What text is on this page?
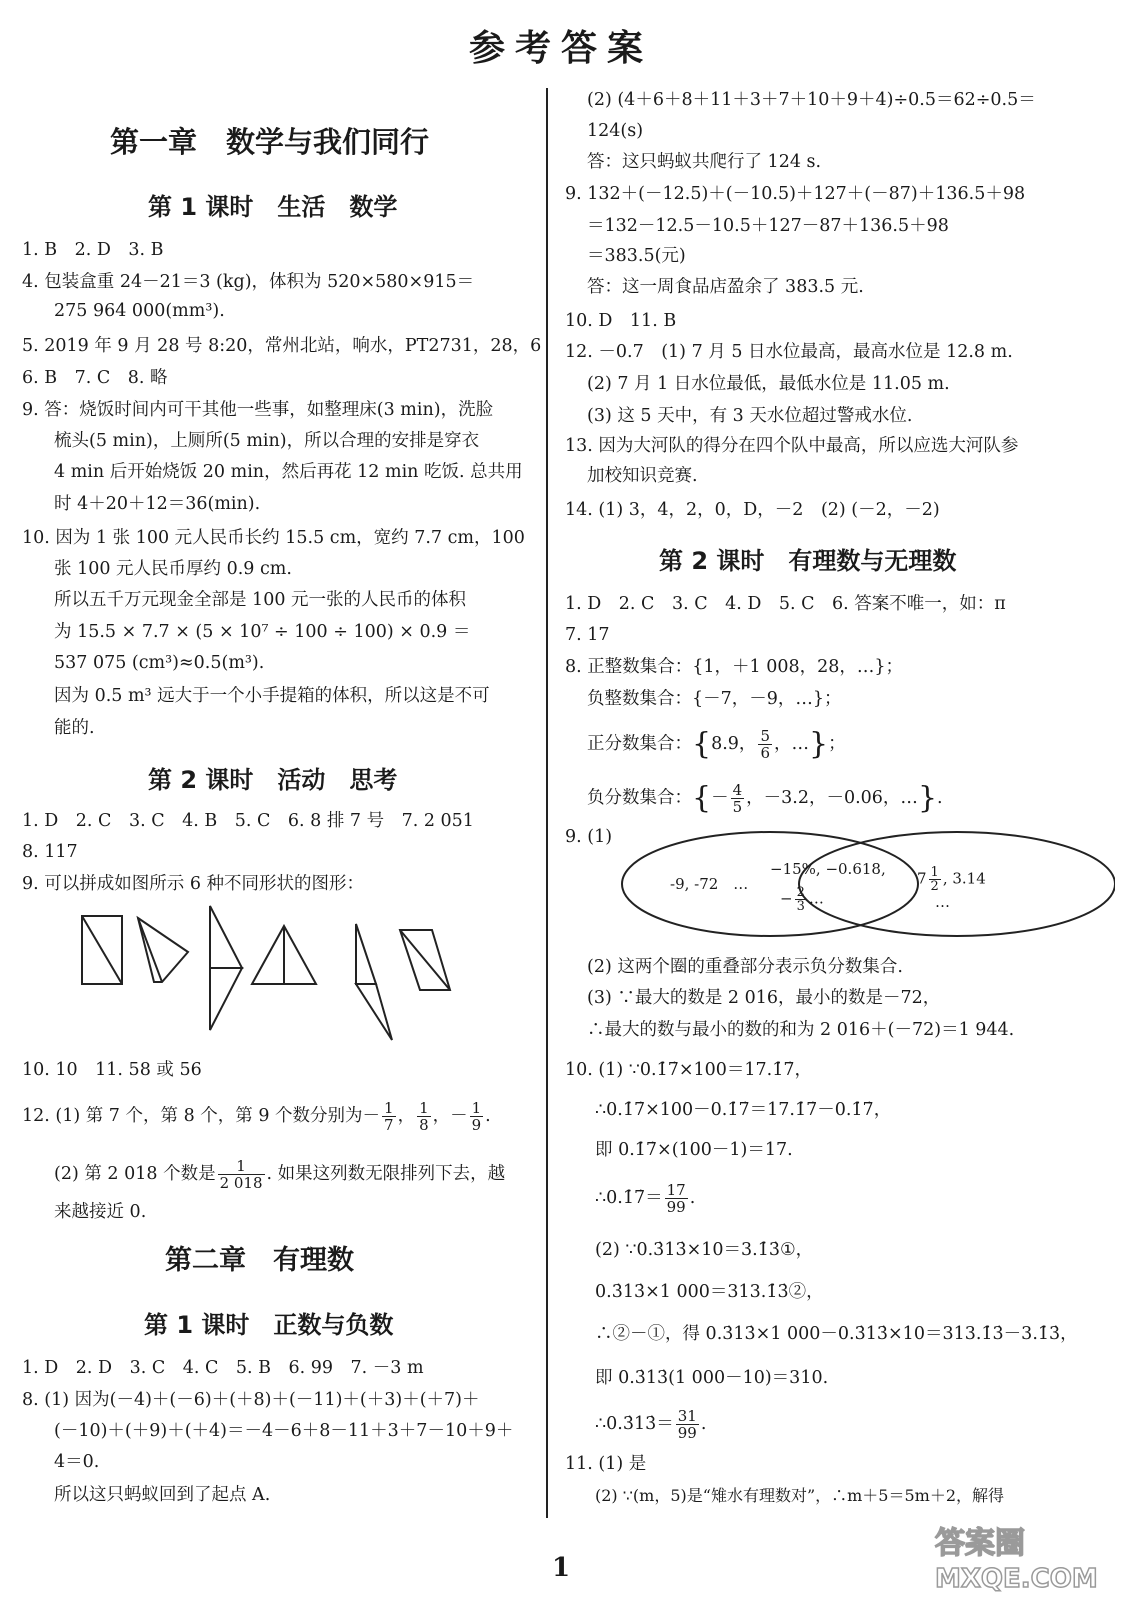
参考答案
第一章　数学与我们同行
第 1 课时　生活　数学
1. B　2. D　3. B
4. 包装盒重 24－21＝3 (kg)，体积为 520×580×915＝
275 964 000(mm³).
5. 2019 年 9 月 28 号 8:20，常州北站，响水，PT2731，28，6
6. B　7. C　8. 略
9. 答：烧饭时间内可干其他一些事，如整理床(3 min)，洗脸
梳头(5 min)，上厕所(5 min)，所以合理的安排是穿衣
4 min 后开始烧饭 20 min，然后再花 12 min 吃饭. 总共用
时 4＋20＋12＝36(min).
10. 因为 1 张 100 元人民币长约 15.5 cm，宽约 7.7 cm，100
张 100 元人民币厚约 0.9 cm.
所以五千万元现金全部是 100 元一张的人民币的体积
为 15.5 × 7.7 × (5 × 10⁷ ÷ 100 ÷ 100) × 0.9 ＝
537 075 (cm³)≈0.5(m³).
因为 0.5 m³ 远大于一个小手提箱的体积，所以这是不可
能的.
第 2 课时　活动　思考
1. D　2. C　3. C　4. B　5. C　6. 8 排 7 号　7. 2 051
8. 117
9. 可以拼成如图所示 6 种不同形状的图形：
10. 10　11. 58 或 56
12. (1) 第 7 个，第 8 个，第 9 个数分别为－ $\frac{1}{7}$ ， $\frac{1}{8}$ ，－ $\frac{1}{9}$ .
(2) 第 2 018 个数是 $\frac{1}{2 018}$ . 如果这列数无限排列下去，越
来越接近 0.
第二章　有理数
第 1 课时　正数与负数
1. D　2. D　3. C　4. C　5. B　6. 99　7. －3 m
8. (1) 因为(－4)＋(－6)＋(＋8)＋(－11)＋(＋3)＋(＋7)＋
(－10)＋(＋9)＋(＋4)＝－4－6＋8－11＋3＋7－10＋9＋
4＝0.
所以这只蚂蚁回到了起点 A.
(2) (4＋6＋8＋11＋3＋7＋10＋9＋4)÷0.5＝62÷0.5＝
124(s)
答：这只蚂蚁共爬行了 124 s.
9. 132＋(－12.5)＋(－10.5)＋127＋(－87)＋136.5＋98
＝132－12.5－10.5＋127－87＋136.5＋98
＝383.5(元)
答：这一周食品店盈余了 383.5 元.
10. D　11. B
12. －0.7　(1) 7 月 5 日水位最高，最高水位是 12.8 m.
(2) 7 月 1 日水位最低，最低水位是 11.05 m.
(3) 这 5 天中，有 3 天水位超过警戒水位.
13. 因为大河队的得分在四个队中最高，所以应选大河队参
加校知识竞赛.
14. (1) 3，4，2，0，D，－2　(2) (－2，－2)
第 2 课时　有理数与无理数
1. D　2. C　3. C　4. D　5. C　6. 答案不唯一，如：π
7. 17
8. 正整数集合：{1，＋1 008，28，…}；
负整数集合：{－7，－9，…}；
正分数集合：{8.9， $\frac{5}{6}$ ，…}；
负分数集合：{－ $\frac{4}{5}$ ，－3.2，－0.06，…}.
9. (1)
-9, -72　…
−15%, −0.618,
− $\frac{2}{3}$ …
$7 \frac{1}{2}$ , 3.14
…
(2) 这两个圈的重叠部分表示负分数集合.
(3) ∵最大的数是 2 016，最小的数是－72，
∴最大的数与最小的数的和为 2 016＋(－72)＝1 944.
10. (1) ∵0.1̇7̇×100＝17.1̇7̇，
∴0.1̇7̇×100－0.1̇7̇＝17.1̇7̇－0.1̇7̇，
即 0.1̇7̇×(100－1)＝17.
∴0.1̇7̇＝ $\frac{17}{99}$ .
(2) ∵0.3̇13̇×10＝3.1̇3̇①，
0.3̇13̇×1 000＝313.1̇3̇②，
∴②－①，得 0.3̇13̇×1 000－0.3̇13̇×10＝313.1̇3̇－3.1̇3̇，
即 0.3̇13̇(1 000－10)＝310.
∴0.3̇13̇＝ $\frac{31}{99}$ .
11. (1) 是
(2) ∵(m，5)是“雉水有理数对”，∴m＋5＝5m＋2，解得
1
答案圈
MXQE.COM
